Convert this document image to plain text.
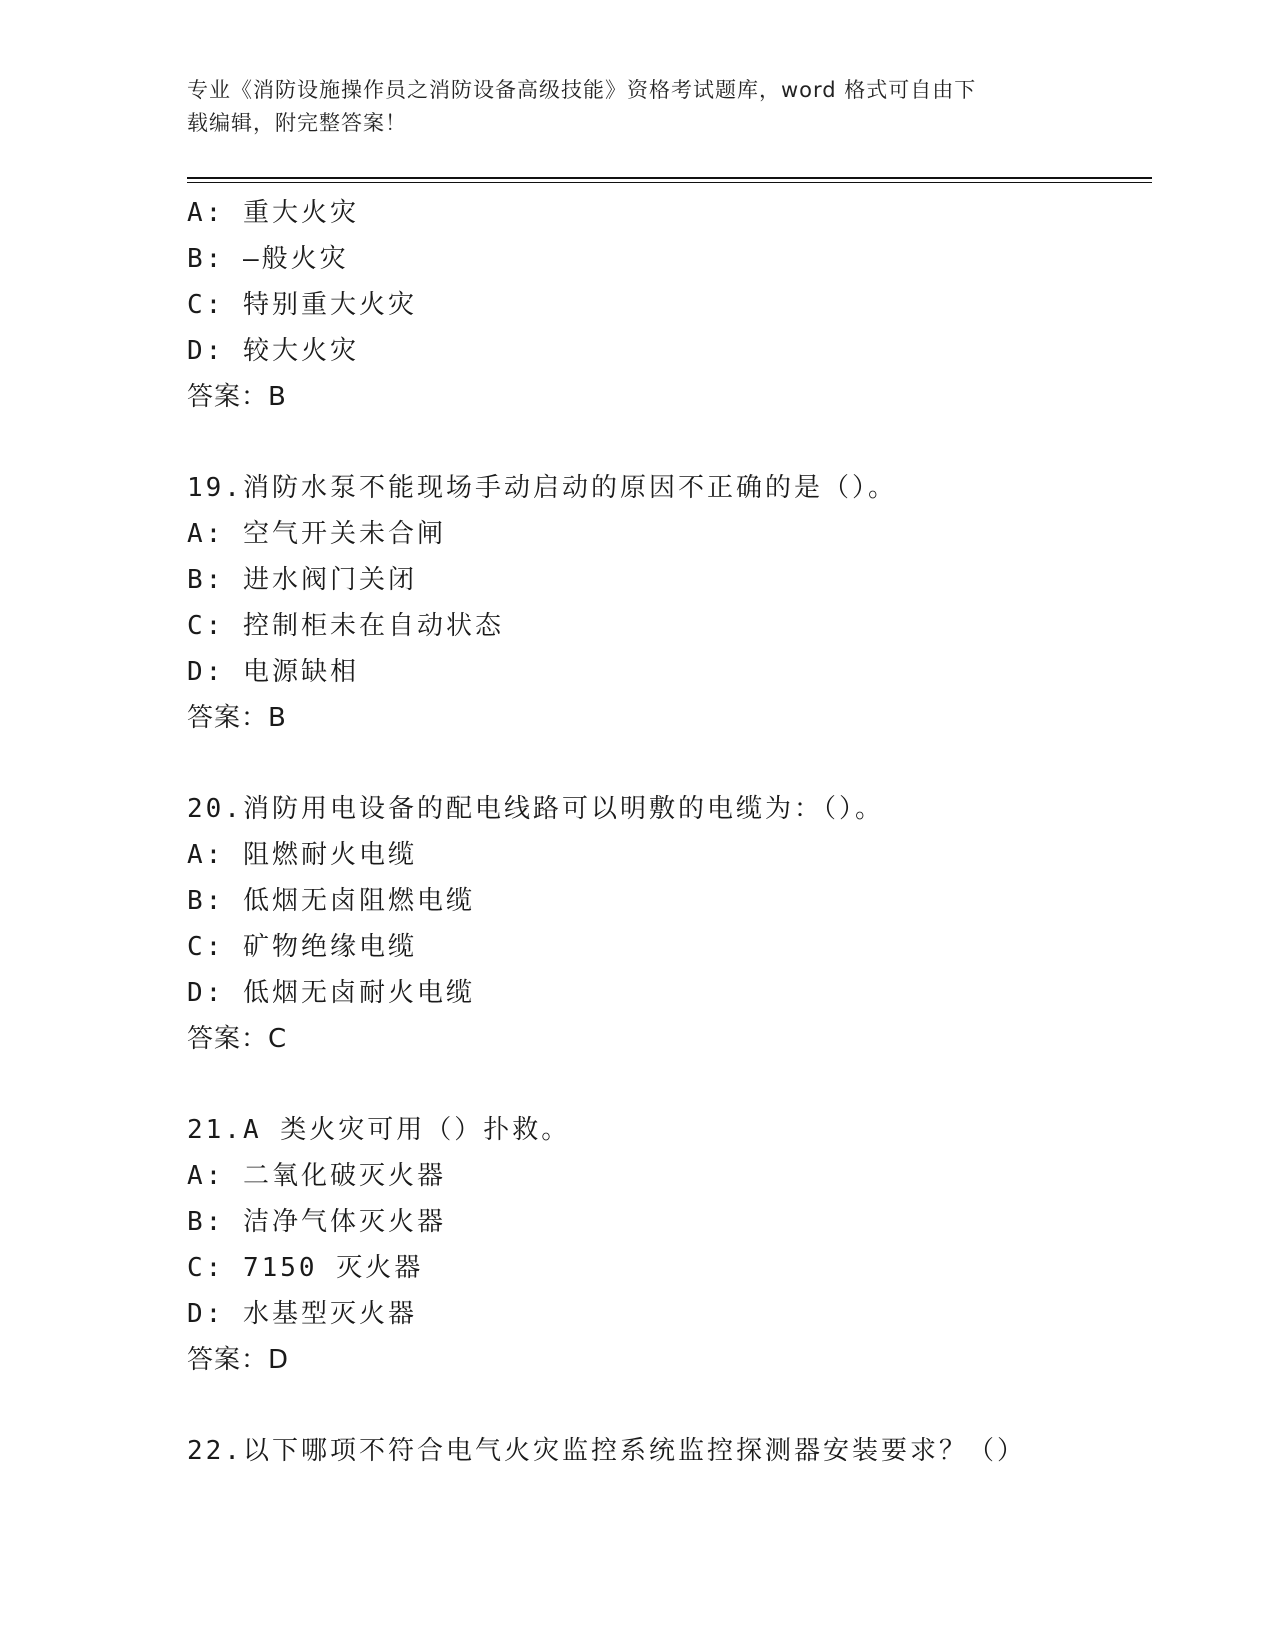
专业《消防设施操作员之消防设备高级技能》资格考试题库，word 格式可自由下
载编辑，附完整答案！
A: 重大火灾
B: —般火灾
C: 特别重大火灾
D: 较大火灾
答案：B
19.消防水泵不能现场手动启动的原因不正确的是（）。
A: 空气开关未合闸
B: 进水阀门关闭
C: 控制柜未在自动状态
D: 电源缺相
答案：B
20.消防用电设备的配电线路可以明敷的电缆为：（）。
A: 阻燃耐火电缆
B: 低烟无卤阻燃电缆
C: 矿物绝缘电缆
D: 低烟无卤耐火电缆
答案：C
21.A 类火灾可用（）扑救。
A: 二氧化破灭火器
B: 洁净气体灭火器
C: 7150 灭火器
D: 水基型灭火器
答案：D
22.以下哪项不符合电气火灾监控系统监控探测器安装要求？（）
